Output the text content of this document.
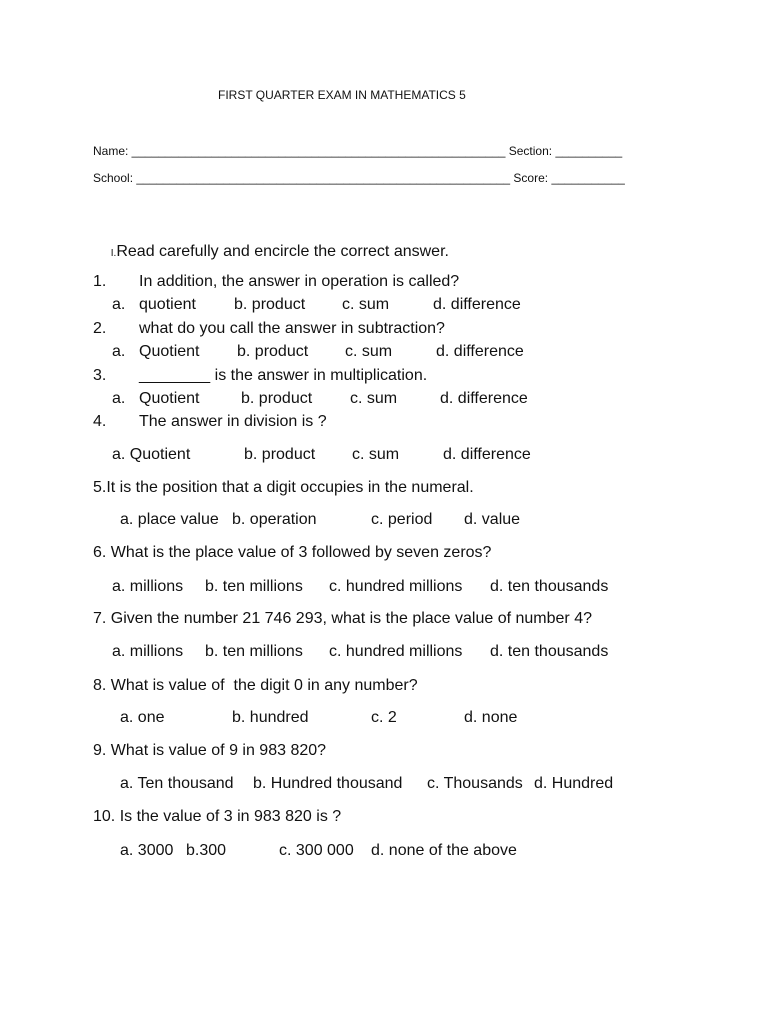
FIRST QUARTER EXAM IN MATHEMATICS 5
Name: ________________________________________________________ Section: __________
School: ________________________________________________________ Score: ___________

I.Read carefully and encircle the correct answer.

1. In addition, the answer in operation is called?
a. quotient b. product c. sum	d. difference
2. what do you call the answer in subtraction?
a. Quotient b. product c. sum	d. difference
3. ________ is the answer in multiplication.
a. Quotient	b. product c. sum	d. difference
4. The answer in division is ?
a. Quotient	b. product c. sum	d. difference
5.It is the position that a digit occupies in the numeral.
a. place value b. operation	c. period d. value
6. What is the place value of 3 followed by seven zeros?
a. millions b. ten millions c. hundred millions d. ten thousands
7. Given the number 21 746 293, what is the place value of number 4?
a. millions b. ten millions c. hundred millions d. ten thousands
8. What is value of  the digit 0 in any number?
a. one	b. hundred	c. 2	d. none
9. What is value of 9 in 983 820?
a. Ten thousand b. Hundred thousand c. Thousands d. Hundred
10. Is the value of 3 in 983 820 is ?
a. 3000 b.300	c. 300 000 d. none of the above
